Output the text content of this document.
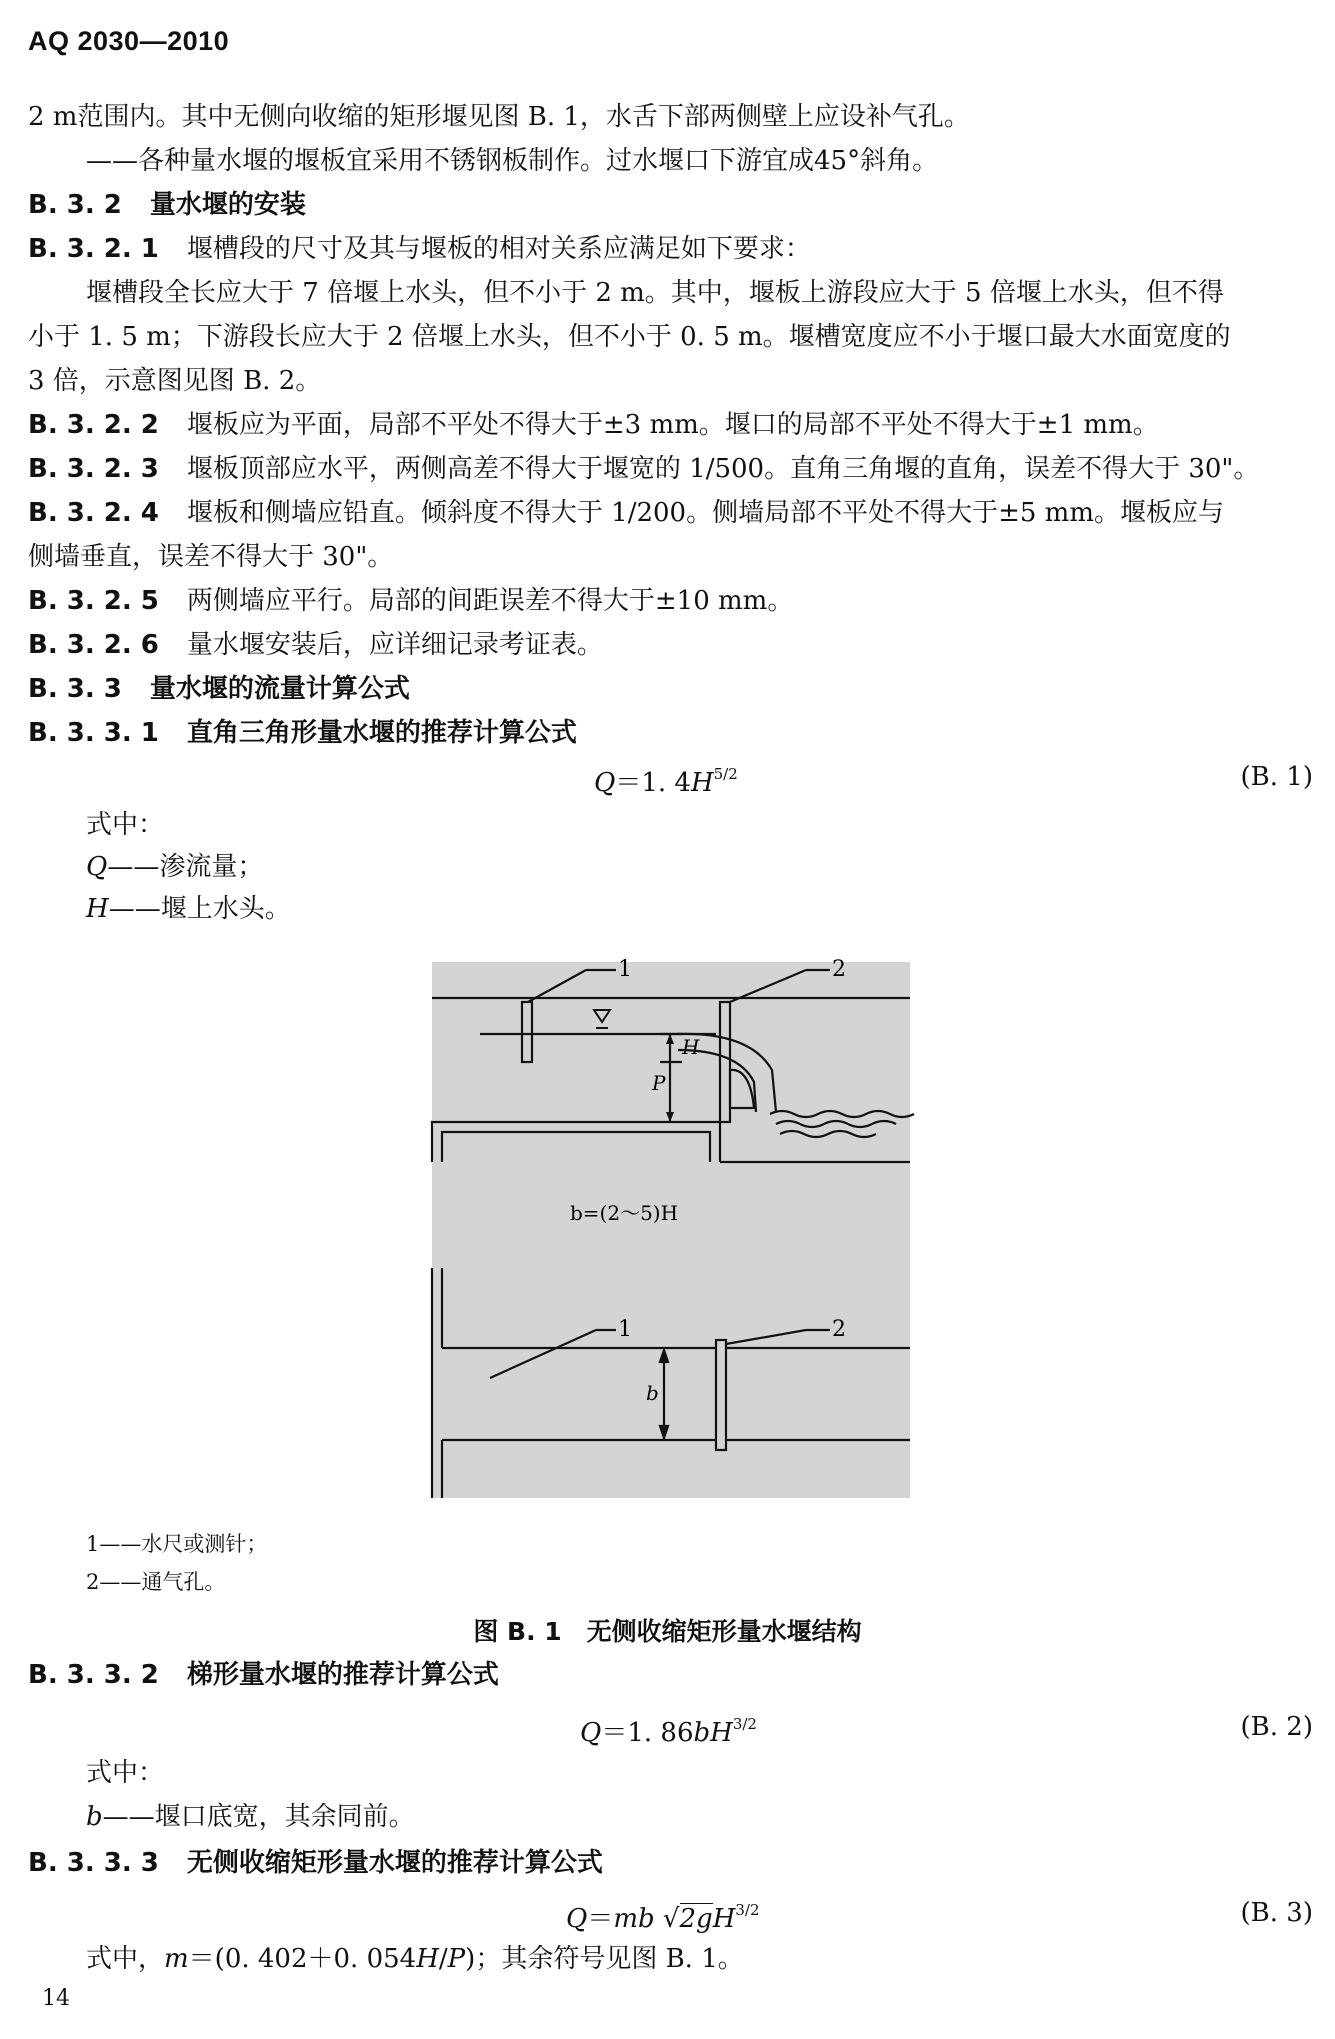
AQ 2030—2010
2 m范围内。其中无侧向收缩的矩形堰见图 B. 1，水舌下部两侧壁上应设补气孔。
——各种量水堰的堰板宜采用不锈钢板制作。过水堰口下游宜成45°斜角。
B. 3. 2 量水堰的安装
B. 3. 2. 1 堰槽段的尺寸及其与堰板的相对关系应满足如下要求：
堰槽段全长应大于 7 倍堰上水头，但不小于 2 m。其中，堰板上游段应大于 5 倍堰上水头，但不得
小于 1. 5 m；下游段长应大于 2 倍堰上水头，但不小于 0. 5 m。堰槽宽度应不小于堰口最大水面宽度的
3 倍，示意图见图 B. 2。
B. 3. 2. 2 堰板应为平面，局部不平处不得大于±3 mm。堰口的局部不平处不得大于±1 mm。
B. 3. 2. 3 堰板顶部应水平，两侧高差不得大于堰宽的 1/500。直角三角堰的直角，误差不得大于 30"。
B. 3. 2. 4 堰板和侧墙应铅直。倾斜度不得大于 1/200。侧墙局部不平处不得大于±5 mm。堰板应与
侧墙垂直，误差不得大于 30"。
B. 3. 2. 5 两侧墙应平行。局部的间距误差不得大于±10 mm。
B. 3. 2. 6 量水堰安装后，应详细记录考证表。
B. 3. 3 量水堰的流量计算公式
B. 3. 3. 1 直角三角形量水堰的推荐计算公式
Q＝1. $4H^{5/2}$	(B. 1)
式中：
Q——渗流量；
H——堰上水头。
1	2
H
P
b=(2～5)H
1	2
b
1——水尺或测针；
2——通气孔。
图 B. 1　无侧收缩矩形量水堰结构
B. 3. 3. 2 梯形量水堰的推荐计算公式
Q＝1. $86bH^{3/2}$	(B. 2)
式中：
b——堰口底宽，其余同前。
B. 3. 3. 3 无侧收缩矩形量水堰的推荐计算公式
Q＝mb $√2gH^{3/2}$	(B. 3)
式中，m＝(0. 402＋0. 054H/P)；其余符号见图 B. 1。
14
